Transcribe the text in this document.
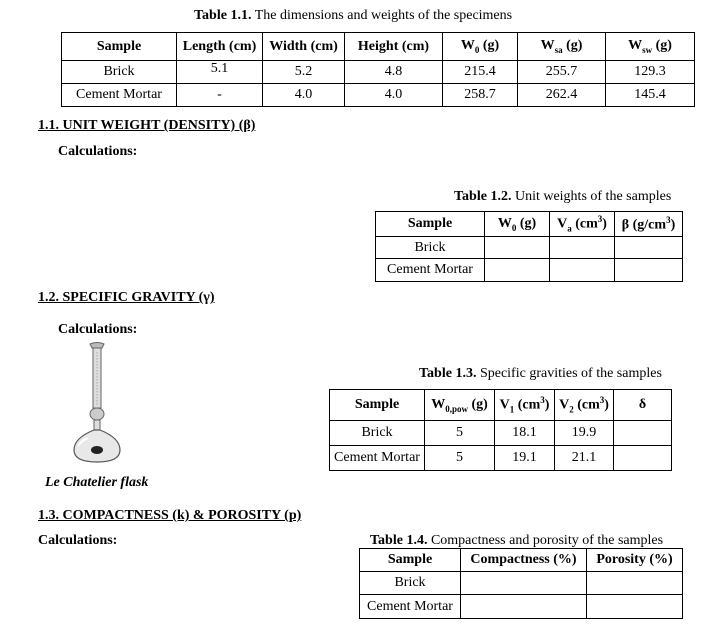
Table 1.1. The dimensions and weights of the specimens
Sample	Length (cm)	Width (cm)	Height (cm)	$W_0$ (g)	$W_{sa}$ (g)	$W_{sw}$ (g)
Brick	5.1	5.2	4.8	215.4	255.7	129.3
Cement Mortar	-	4.0	4.0	258.7	262.4	145.4
1.1. UNIT WEIGHT (DENSITY) (β)
Calculations:
Table 1.2. Unit weights of the samples
Sample	$W_0$ (g)	$V_a$ $(cm^3)$	β $(g/cm^3)$
Brick			
Cement Mortar			
1.2. SPECIFIC GRAVITY (γ)
Calculations:
Le Chatelier flask
Table 1.3. Specific gravities of the samples
Sample	$W_{0,pow}$ (g)	$V_1$ $(cm^3)$	$V_2$ $(cm^3)$	δ
Brick	5	18.1	19.9	
Cement Mortar	5	19.1	21.1	
1.3. COMPACTNESS (k) & POROSITY (p)
Calculations:	Table 1.4. Compactness and porosity of the samples
Sample	Compactness (%)	Porosity (%)
Brick		
Cement Mortar		
